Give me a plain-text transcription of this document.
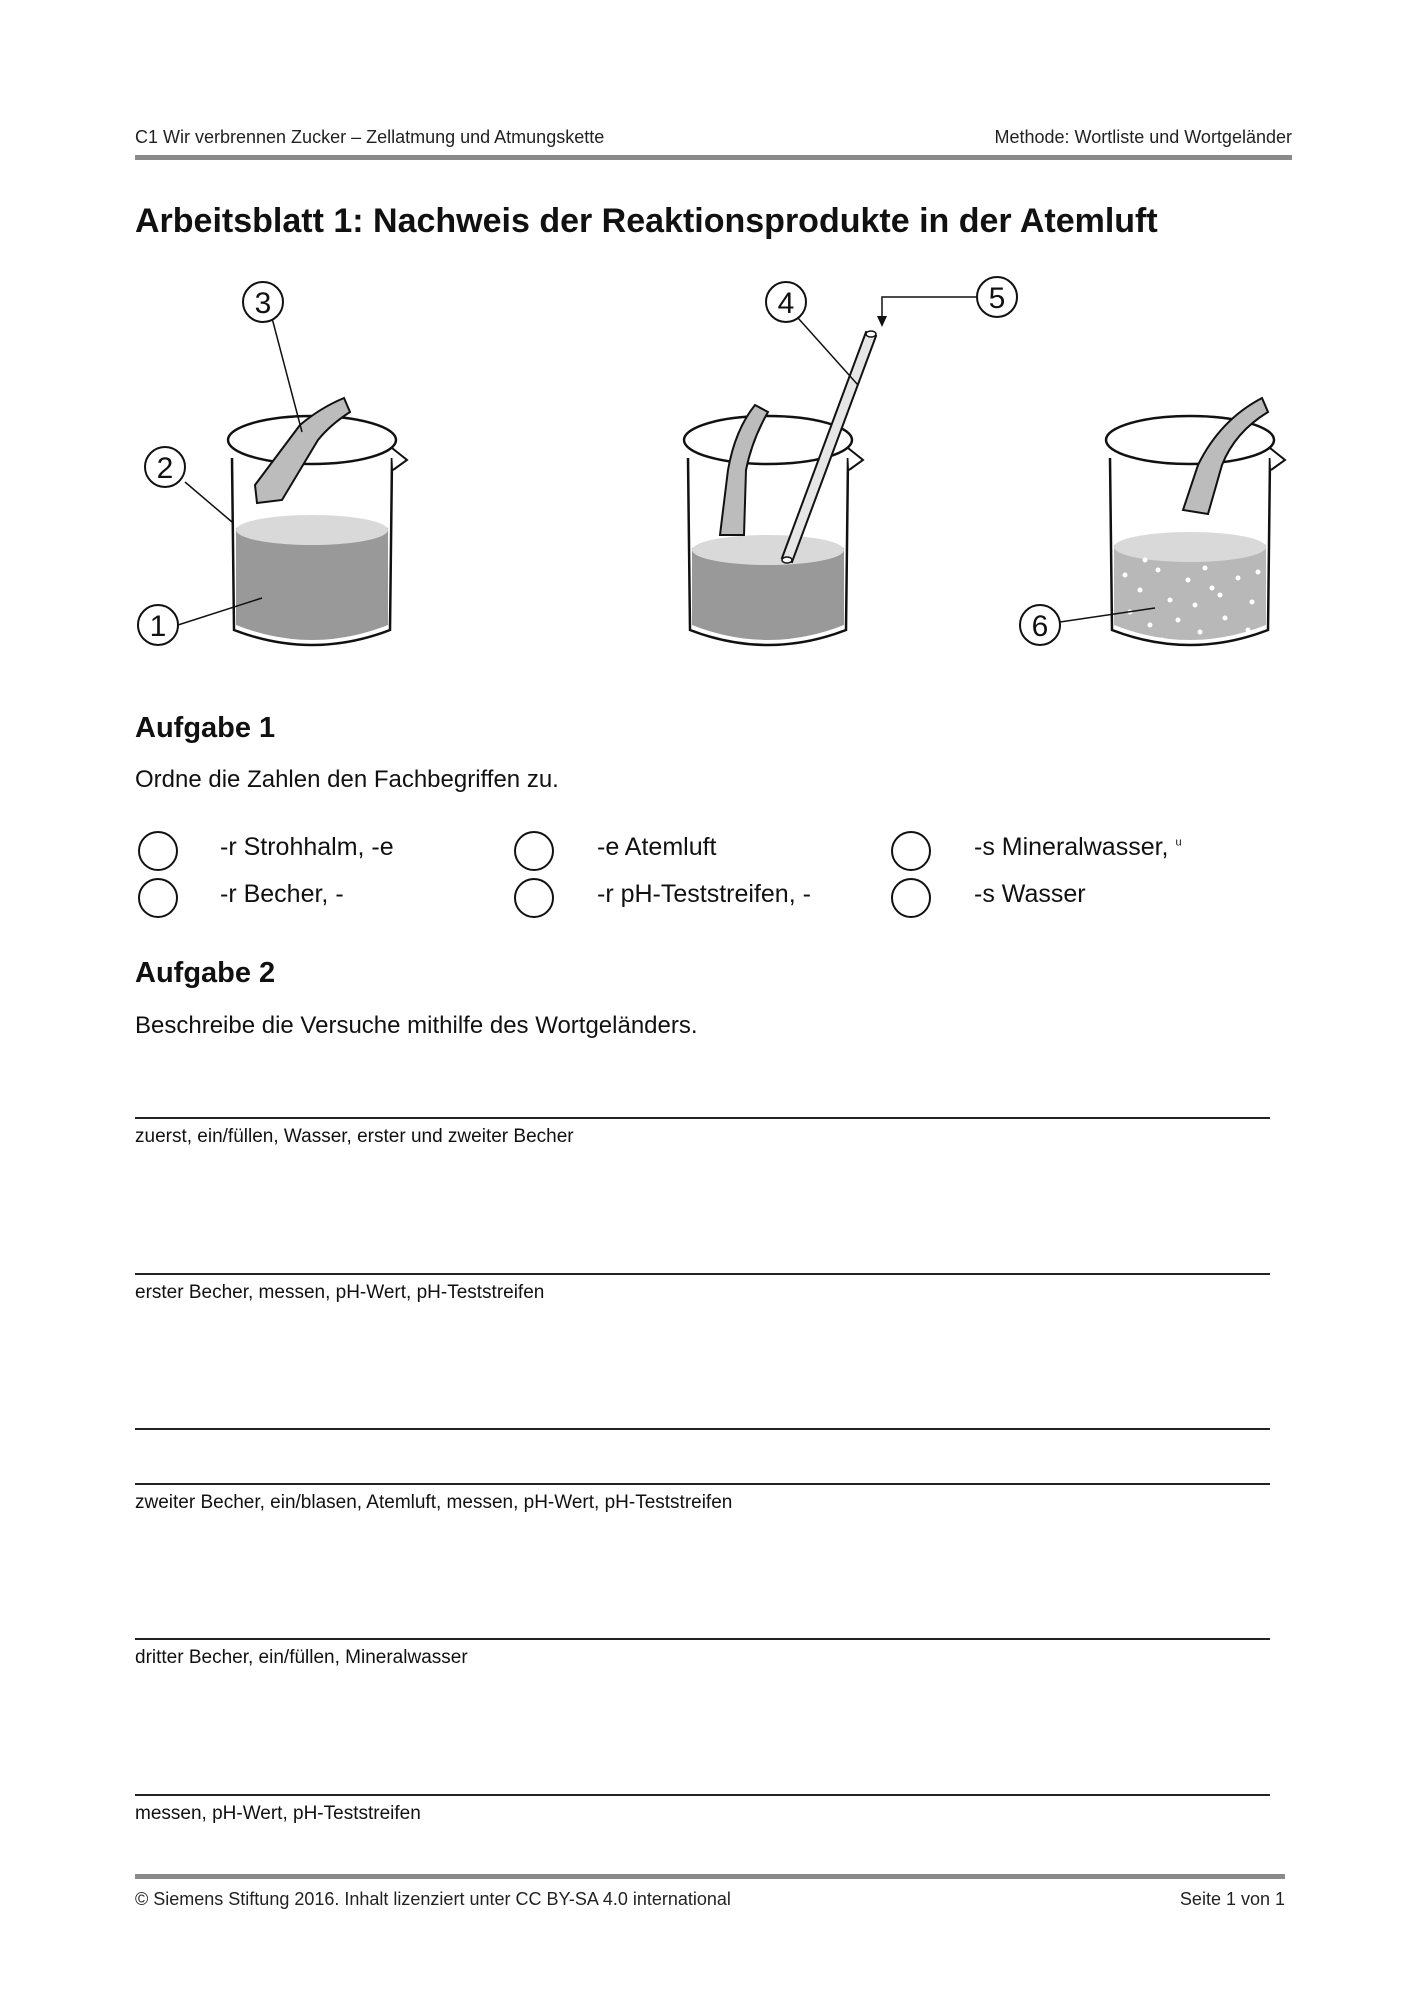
C1 Wir verbrennen Zucker – Zellatmung und Atmungskette	Methode: Wortliste und Wortgeländer
Arbeitsblatt 1: Nachweis der Reaktionsprodukte in der Atemluft
1
2
3	4	5
6
Aufgabe 1
Ordne die Zahlen den Fachbegriffen zu.
-r Strohhalm, -e	-e Atemluft	-s Mineralwasser, $^u$
-r Becher, -	-r pH-Teststreifen, -	-s Wasser
Aufgabe 2
Beschreibe die Versuche mithilfe des Wortgeländers.
zuerst, ein/füllen, Wasser, erster und zweiter Becher
erster Becher, messen, pH-Wert, pH-Teststreifen
zweiter Becher, ein/blasen, Atemluft, messen, pH-Wert, pH-Teststreifen
dritter Becher, ein/füllen, Mineralwasser
messen, pH-Wert, pH-Teststreifen
© Siemens Stiftung 2016. Inhalt lizenziert unter CC BY-SA 4.0 international	Seite 1 von 1
